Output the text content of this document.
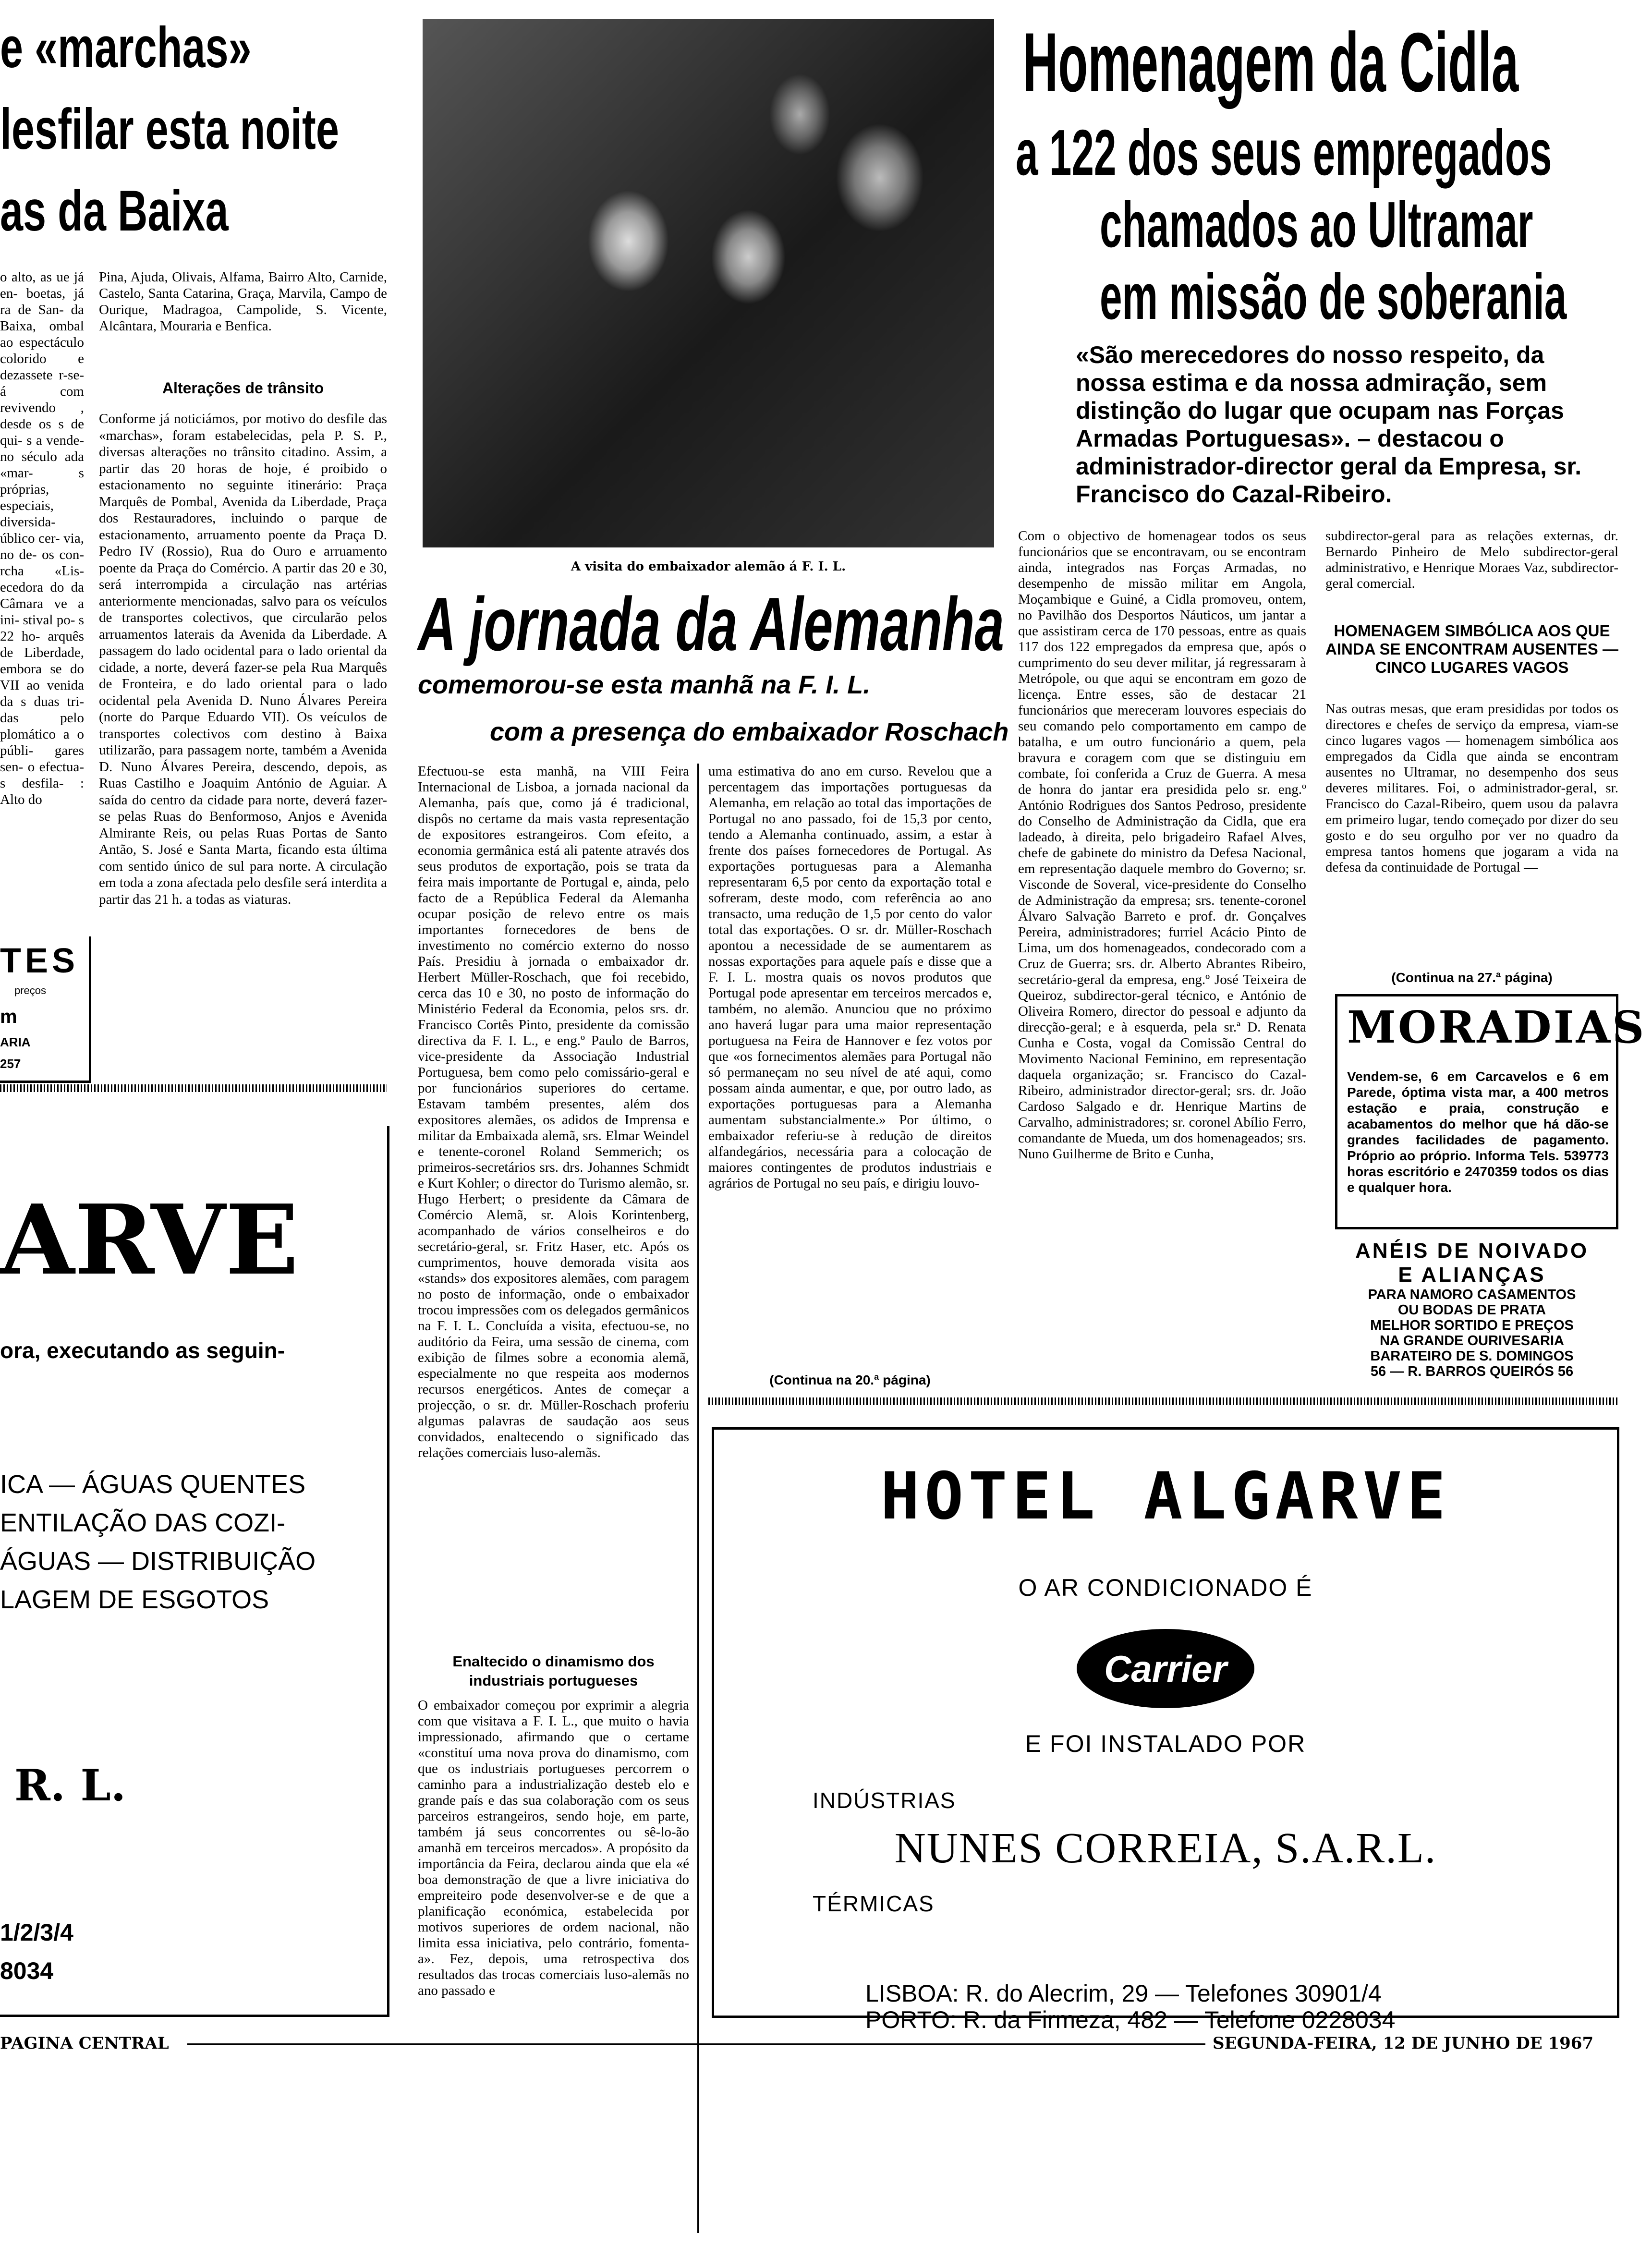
e «marchas»
lesfilar esta noite
as da Baixa
o alto, as ue já en- boetas, já ra de San- da Baixa, ombal ao espectáculo colorido e dezassete r-se-á com revivendo , desde os s de qui- s a vende- no século ada «mar- s próprias, especiais, diversida- úblico cer- via, no de- os con- rcha «Lis- ecedora do da Câmara ve a ini- stival po- s 22 ho- arquês de Liberdade, embora se do VII ao venida da s duas tri- das pelo plomático a o públi- gares sen- o efectua- s desfila- : Alto do
Pina, Ajuda, Olivais, Alfama, Bairro Alto, Carnide, Castelo, Santa Catarina, Graça, Marvila, Campo de Ourique, Madragoa, Campolide, S. Vicente, Alcântara, Mouraria e Benfica.
Alterações de trânsito
Conforme já noticiámos, por motivo do desfile das «marchas», foram estabelecidas, pela P. S. P., diversas alterações no trânsito citadino. Assim, a partir das 20 horas de hoje, é proibido o estacionamento no seguinte itinerário: Praça Marquês de Pombal, Avenida da Liberdade, Praça dos Restauradores, incluindo o parque de estacionamento, arruamento poente da Praça D. Pedro IV (Rossio), Rua do Ouro e arruamento poente da Praça do Comércio. A partir das 20 e 30, será interrompida a circulação nas artérias anteriormente mencionadas, salvo para os veículos de transportes colectivos, que circularão pelos arruamentos laterais da Avenida da Liberdade. A passagem do lado ocidental para o lado oriental da cidade, a norte, deverá fazer-se pela Rua Marquês de Fronteira, e do lado oriental para o lado ocidental pela Avenida D. Nuno Álvares Pereira (norte do Parque Eduardo VII). Os veículos de transportes colectivos com destino à Baixa utilizarão, para passagem norte, também a Avenida D. Nuno Álvares Pereira, descendo, depois, as Ruas Castilho e Joaquim António de Aguiar. A saída do centro da cidade para norte, deverá fazer-se pelas Ruas do Benformoso, Anjos e Avenida Almirante Reis, ou pelas Ruas Portas de Santo Antão, S. José e Santa Marta, ficando esta última com sentido único de sul para norte. A circulação em toda a zona afectada pelo desfile será interdita a partir das 21 h. a todas as viaturas.
TES
preços
m
ARIA
257
ARVE
ora, executando as seguin-
ICA — ÁGUAS QUENTES
ENTILAÇÃO DAS COZI-
ÁGUAS — DISTRIBUIÇÃO
LAGEM DE ESGOTOS
R. L.
1/2/3/4
8034
A visita do embaixador alemão á F. I. L.
A jornada da Alemanha
comemorou-se esta manhã na F. I. L.
com a presença do embaixador Roschach
Efectuou-se esta manhã, na VIII Feira Internacional de Lisboa, a jornada nacional da Alemanha, país que, como já é tradicional, dispôs no certame da mais vasta representação de expositores estrangeiros. Com efeito, a economia germânica está ali patente através dos seus produtos de exportação, pois se trata da feira mais importante de Portugal e, ainda, pelo facto de a República Federal da Alemanha ocupar posição de relevo entre os mais importantes fornecedores de bens de investimento no comércio externo do nosso País. Presidiu à jornada o embaixador dr. Herbert Müller-Roschach, que foi recebido, cerca das 10 e 30, no posto de informação do Ministério Federal da Economia, pelos srs. dr. Francisco Cortês Pinto, presidente da comissão directiva da F. I. L., e eng.º Paulo de Barros, vice-presidente da Associação Industrial Portuguesa, bem como pelo comissário-geral e por funcionários superiores do certame. Estavam também presentes, além dos expositores alemães, os adidos de Imprensa e militar da Embaixada alemã, srs. Elmar Weindel e tenente-coronel Roland Semmerich; os primeiros-secretários srs. drs. Johannes Schmidt e Kurt Kohler; o director do Turismo alemão, sr. Hugo Herbert; o presidente da Câmara de Comércio Alemã, sr. Alois Korintenberg, acompanhado de vários conselheiros e do secretário-geral, sr. Fritz Haser, etc. Após os cumprimentos, houve demorada visita aos «stands» dos expositores alemães, com paragem no posto de informação, onde o embaixador trocou impressões com os delegados germânicos na F. I. L. Concluída a visita, efectuou-se, no auditório da Feira, uma sessão de cinema, com exibição de filmes sobre a economia alemã, especialmente no que respeita aos modernos recursos energéticos. Antes de começar a projecção, o sr. dr. Müller-Roschach proferiu algumas palavras de saudação aos seus convidados, enaltecendo o significado das relações comerciais luso-alemãs.
Enaltecido o dinamismo dos industriais portugueses
O embaixador começou por exprimir a alegria com que visitava a F. I. L., que muito o havia impressionado, afirmando que o certame «constituí uma nova prova do dinamismo, com que os industriais portugueses percorrem o caminho para a industrialização desteb elo e grande país e das sua colaboração com os seus parceiros estrangeiros, sendo hoje, em parte, também já seus concorrentes ou sê-lo-ão amanhã em terceiros mercados». A propósito da importância da Feira, declarou ainda que ela «é boa demonstração de que a livre iniciativa do empreiteiro pode desenvolver-se e de que a planificação económica, estabelecida por motivos superiores de ordem nacional, não limita essa iniciativa, pelo contrário, fomenta-a». Fez, depois, uma retrospectiva dos resultados das trocas comerciais luso-alemãs no ano passado e
uma estimativa do ano em curso. Revelou que a percentagem das importações portuguesas da Alemanha, em relação ao total das importações de Portugal no ano passado, foi de 15,3 por cento, tendo a Alemanha continuado, assim, a estar à frente dos países fornecedores de Portugal. As exportações portuguesas para a Alemanha representaram 6,5 por cento da exportação total e sofreram, deste modo, com referência ao ano transacto, uma redução de 1,5 por cento do valor total das exportações. O sr. dr. Müller-Roschach apontou a necessidade de se aumentarem as nossas exportações para aquele país e disse que a F. I. L. mostra quais os novos produtos que Portugal pode apresentar em terceiros mercados e, também, no alemão. Anunciou que no próximo ano haverá lugar para uma maior representação portuguesa na Feira de Hannover e fez votos por que «os fornecimentos alemães para Portugal não só permaneçam no seu nível de até aqui, como possam ainda aumentar, e que, por outro lado, as exportações portuguesas para a Alemanha aumentam substancialmente.» Por último, o embaixador referiu-se à redução de direitos alfandegários, necessária para a colocação de maiores contingentes de produtos industriais e agrários de Portugal no seu país, e dirigiu louvo-
(Continua na 20.ª página)
Homenagem da Cidla
a 122 dos seus empregados
chamados ao Ultramar
em missão de soberania
«São merecedores do nosso respeito, da nossa estima e da nossa admiração, sem distinção do lugar que ocupam nas Forças Armadas Portuguesas». – destacou o administrador-director geral da Empresa, sr. Francisco do Cazal-Ribeiro.
Com o objectivo de homenagear todos os seus funcionários que se encontravam, ou se encontram ainda, integrados nas Forças Armadas, no desempenho de missão militar em Angola, Moçambique e Guiné, a Cidla promoveu, ontem, no Pavilhão dos Desportos Náuticos, um jantar a que assistiram cerca de 170 pessoas, entre as quais 117 dos 122 empregados da empresa que, após o cumprimento do seu dever militar, já regressaram à Metrópole, ou que aqui se encontram em gozo de licença. Entre esses, são de destacar 21 funcionários que mereceram louvores especiais do seu comando pelo comportamento em campo de batalha, e um outro funcionário a quem, pela bravura e coragem com que se distinguiu em combate, foi conferida a Cruz de Guerra. A mesa de honra do jantar era presidida pelo sr. eng.º António Rodrigues dos Santos Pedroso, presidente do Conselho de Administração da Cidla, que era ladeado, à direita, pelo brigadeiro Rafael Alves, chefe de gabinete do ministro da Defesa Nacional, em representação daquele membro do Governo; sr. Visconde de Soveral, vice-presidente do Conselho de Administração da empresa; srs. tenente-coronel Álvaro Salvação Barreto e prof. dr. Gonçalves Pereira, administradores; furriel Acácio Pinto de Lima, um dos homenageados, condecorado com a Cruz de Guerra; srs. dr. Alberto Abrantes Ribeiro, secretário-geral da empresa, eng.º José Teixeira de Queiroz, subdirector-geral técnico, e António de Oliveira Romero, director do pessoal e adjunto da direcção-geral; e à esquerda, pela sr.ª D. Renata Cunha e Costa, vogal da Comissão Central do Movimento Nacional Feminino, em representação daquela organização; sr. Francisco do Cazal-Ribeiro, administrador director-geral; srs. dr. João Cardoso Salgado e dr. Henrique Martins de Carvalho, administradores; sr. coronel Abílio Ferro, comandante de Mueda, um dos homenageados; srs. Nuno Guilherme de Brito e Cunha,
subdirector-geral para as relações externas, dr. Bernardo Pinheiro de Melo subdirector-geral administrativo, e Henrique Moraes Vaz, subdirector-geral comercial.
HOMENAGEM SIMBÓLICA AOS QUE AINDA SE ENCONTRAM AUSENTES — CINCO LUGARES VAGOS
Nas outras mesas, que eram presididas por todos os directores e chefes de serviço da empresa, viam-se cinco lugares vagos — homenagem simbólica aos empregados da Cidla que ainda se encontram ausentes no Ultramar, no desempenho dos seus deveres militares. Foi, o administrador-geral, sr. Francisco do Cazal-Ribeiro, quem usou da palavra em primeiro lugar, tendo começado por dizer do seu gosto e do seu orgulho por ver no quadro da empresa tantos homens que jogaram a vida na defesa da continuidade de Portugal —
(Continua na 27.ª página)
MORADIAS
Vendem-se, 6 em Carcavelos e 6 em Parede, óptima vista mar, a 400 metros estação e praia, construção e acabamentos do melhor que há dão-se grandes facilidades de pagamento. Próprio ao próprio. Informa Tels. 539773 horas escritório e 2470359 todos os dias e qualquer hora.
ANÉIS DE NOIVADO
E ALIANÇAS
PARA NAMORO CASAMENTOS
OU BODAS DE PRATA
MELHOR SORTIDO E PREÇOS
NA GRANDE OURIVESARIA
BARATEIRO DE S. DOMINGOS
56 — R. BARROS QUEIRÓS 56
HOTEL ALGARVE
O AR CONDICIONADO É
Carrier
E FOI INSTALADO POR
INDÚSTRIAS
NUNES CORREIA, S.A.R.L.
TÉRMICAS
LISBOA: R. do Alecrim, 29 — Telefones 30901/4
PORTO: R. da Firmeza, 482 — Telefone 0228034
PAGINA CENTRAL	SEGUNDA-FEIRA, 12 DE JUNHO DE 1967
